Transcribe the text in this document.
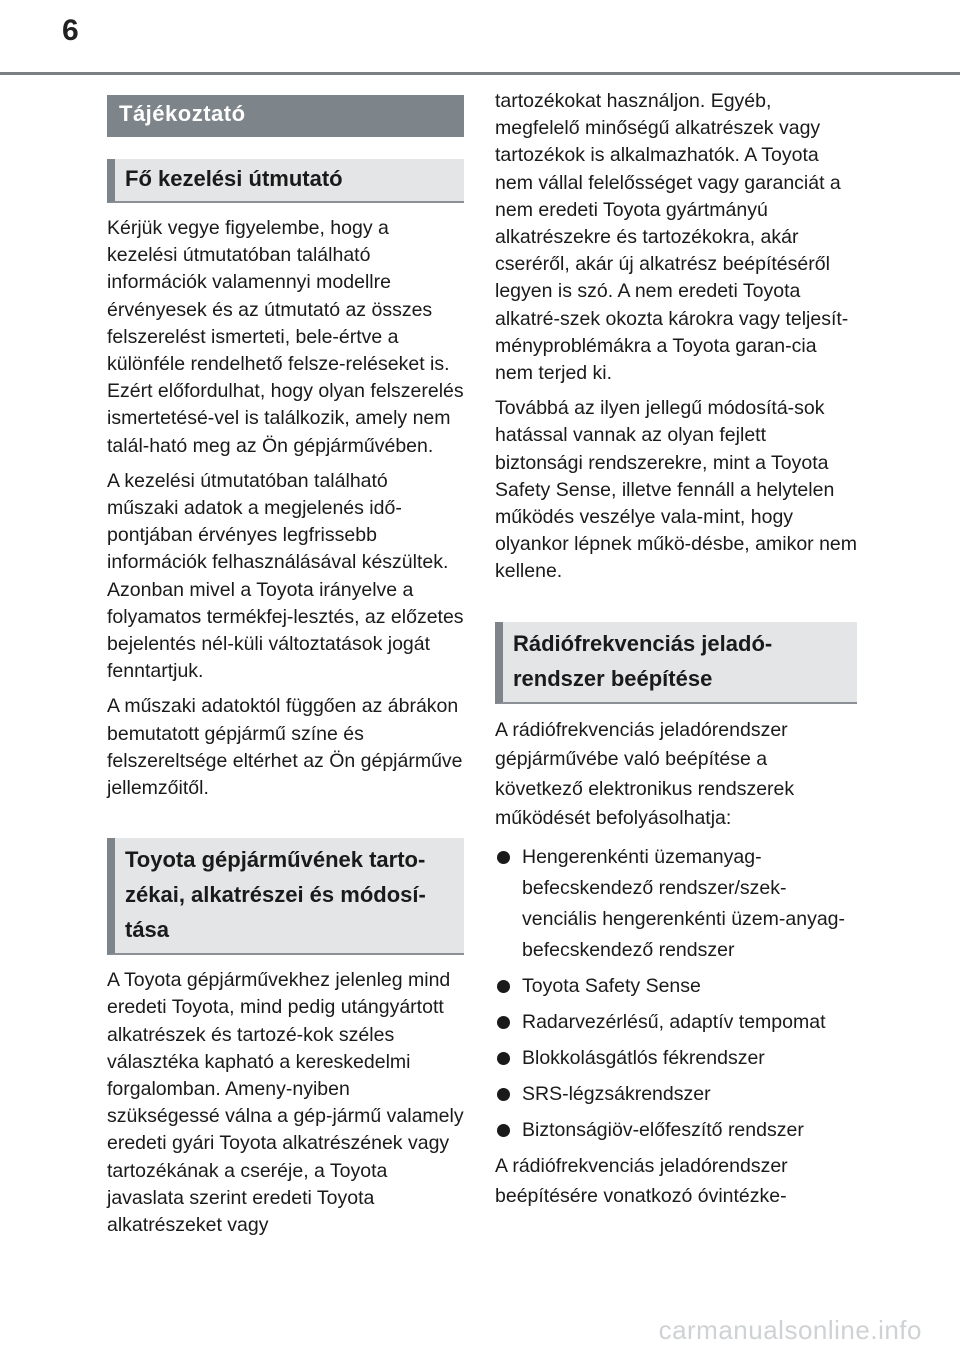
6
Tájékoztató
Fő kezelési útmutató

Kérjük vegye figyelembe, hogy a kezelési útmutatóban található információk valamennyi modellre érvényesek és az útmutató az összes felszerelést ismerteti, bele-értve a különféle rendelhető felsze-reléseket is. Ezért előfordulhat, hogy olyan felszerelés ismertetésé-vel is találkozik, amely nem talál-ható meg az Ön gépjárművében.

A kezelési útmutatóban található műszaki adatok a megjelenés idő-pontjában érvényes legfrissebb információk felhasználásával készültek. Azonban mivel a Toyota irányelve a folyamatos termékfej-lesztés, az előzetes bejelentés nél-küli változtatások jogát fenntartjuk.

A műszaki adatoktól függően az ábrákon bemutatott gépjármű színe és felszereltsége eltérhet az Ön gépjárműve jellemzőitől.

Toyota gépjárművének tarto-
zékai, alkatrészei és módosí-
tása

A Toyota gépjárművekhez jelenleg mind eredeti Toyota, mind pedig utángyártott alkatrészek és tartozé-kok széles választéka kapható a kereskedelmi forgalomban. Ameny-nyiben szükségessé válna a gép-jármű valamely eredeti gyári Toyota alkatrészének vagy tartozékának a cseréje, a Toyota javaslata szerint eredeti Toyota alkatrészeket vagy

tartozékokat használjon. Egyéb, megfelelő minőségű alkatrészek vagy tartozékok is alkalmazhatók. A Toyota nem vállal felelősséget vagy garanciát a nem eredeti Toyota gyártmányú alkatrészekre és tartozékokra, akár cseréről, akár új alkatrész beépítéséről legyen is szó. A nem eredeti Toyota alkatré-szek okozta károkra vagy teljesít-ményproblémákra a Toyota garan-cia nem terjed ki.

Továbbá az ilyen jellegű módosítá-sok hatással vannak az olyan fejlett biztonsági rendszerekre, mint a Toyota Safety Sense, illetve fennáll a helytelen működés veszélye vala-mint, hogy olyankor lépnek műkö-désbe, amikor nem kellene.

Rádiófrekvenciás jeladó-
rendszer beépítése

A rádiófrekvenciás jeladórendszer gépjárművébe való beépítése a következő elektronikus rendszerek működését befolyásolhatja:

Hengerenkénti üzemanyag-befecskendező rendszer/szek-venciális hengerenkénti üzem-anyag-befecskendező rendszer
Toyota Safety Sense
Radarvezérlésű, adaptív tempomat
Blokkolásgátlós fékrendszer
SRS-légzsákrendszer
Biztonságiöv-előfeszítő rendszer

A rádiófrekvenciás jeladórendszer beépítésére vonatkozó óvintézke-

carmanualsonline.info
